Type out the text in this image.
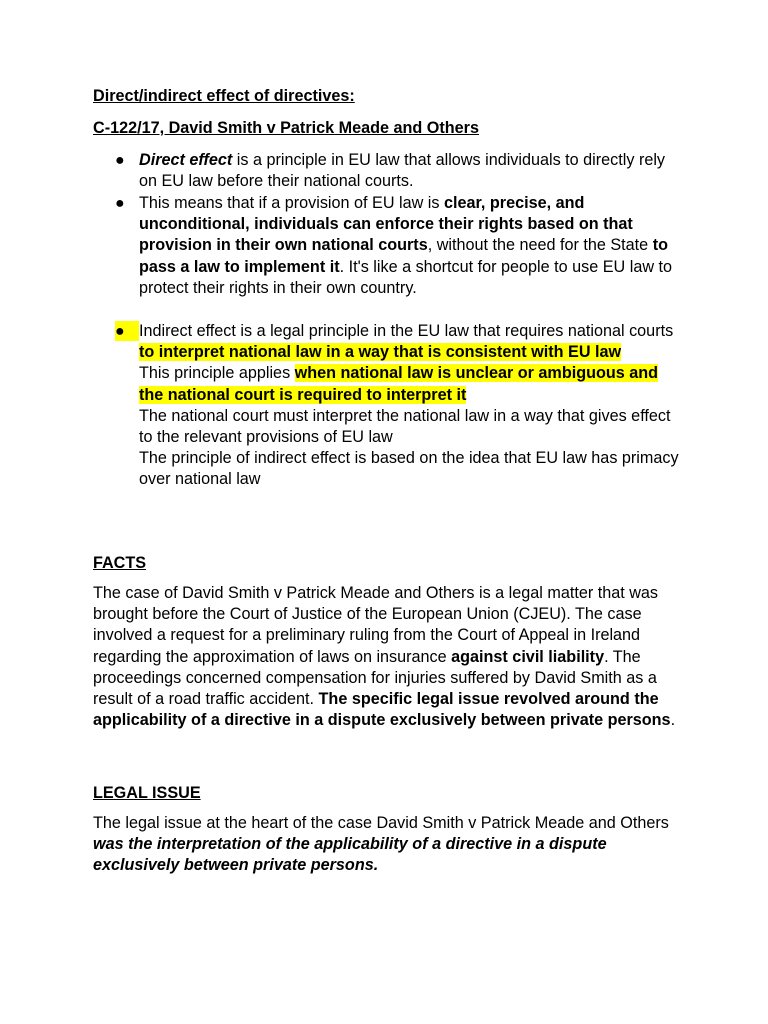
Direct/indirect effect of directives:
C-122/17, David Smith v Patrick Meade and Others
● Direct effect is a principle in EU law that allows individuals to directly rely on EU law before their national courts.
● This means that if a provision of EU law is clear, precise, and unconditional, individuals can enforce their rights based on that provision in their own national courts, without the need for the State to pass a law to implement it. It's like a shortcut for people to use EU law to protect their rights in their own country.
● Indirect effect is a legal principle in the EU law that requires national courts to interpret national law in a way that is consistent with EU law
This principle applies when national law is unclear or ambiguous and the national court is required to interpret it
The national court must interpret the national law in a way that gives effect to the relevant provisions of EU law
The principle of indirect effect is based on the idea that EU law has primacy over national law
FACTS
The case of David Smith v Patrick Meade and Others is a legal matter that was brought before the Court of Justice of the European Union (CJEU). The case involved a request for a preliminary ruling from the Court of Appeal in Ireland regarding the approximation of laws on insurance against civil liability. The proceedings concerned compensation for injuries suffered by David Smith as a result of a road traffic accident. The specific legal issue revolved around the applicability of a directive in a dispute exclusively between private persons.
LEGAL ISSUE
The legal issue at the heart of the case David Smith v Patrick Meade and Others was the interpretation of the applicability of a directive in a dispute exclusively between private persons.
